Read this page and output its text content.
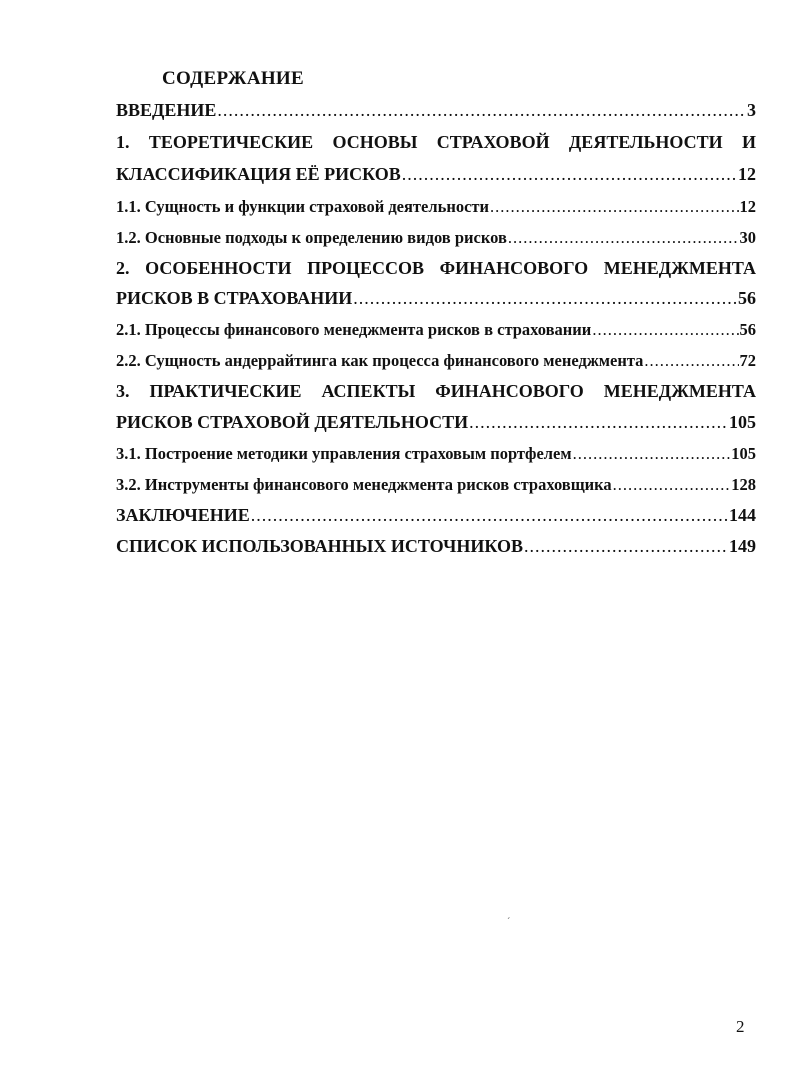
СОДЕРЖАНИЕ
ВВЕДЕНИЕ .....	3
1. ТЕОРЕТИЧЕСКИЕ ОСНОВЫ СТРАХОВОЙ ДЕЯТЕЛЬНОСТИ И
КЛАССИФИКАЦИЯ ЕЁ РИСКОВ .....	12
1.1. Сущность и функции страховой деятельности .....	12
1.2. Основные подходы к определению видов рисков .....	30
2. ОСОБЕННОСТИ ПРОЦЕССОВ ФИНАНСОВОГО МЕНЕДЖМЕНТА
РИСКОВ В СТРАХОВАНИИ .....	56
2.1. Процессы финансового менеджмента рисков в страховании .....	56
2.2. Сущность андеррайтинга как процесса финансового менеджмента .....	72
3. ПРАКТИЧЕСКИЕ АСПЕКТЫ ФИНАНСОВОГО МЕНЕДЖМЕНТА
РИСКОВ СТРАХОВОЙ ДЕЯТЕЛЬНОСТИ .....	105
3.1. Построение методики управления страховым портфелем .....	105
3.2. Инструменты финансового менеджмента рисков страховщика .....	128
ЗАКЛЮЧЕНИЕ .....	144
СПИСОК ИСПОЛЬЗОВАННЫХ ИСТОЧНИКОВ .....	149
´
2
